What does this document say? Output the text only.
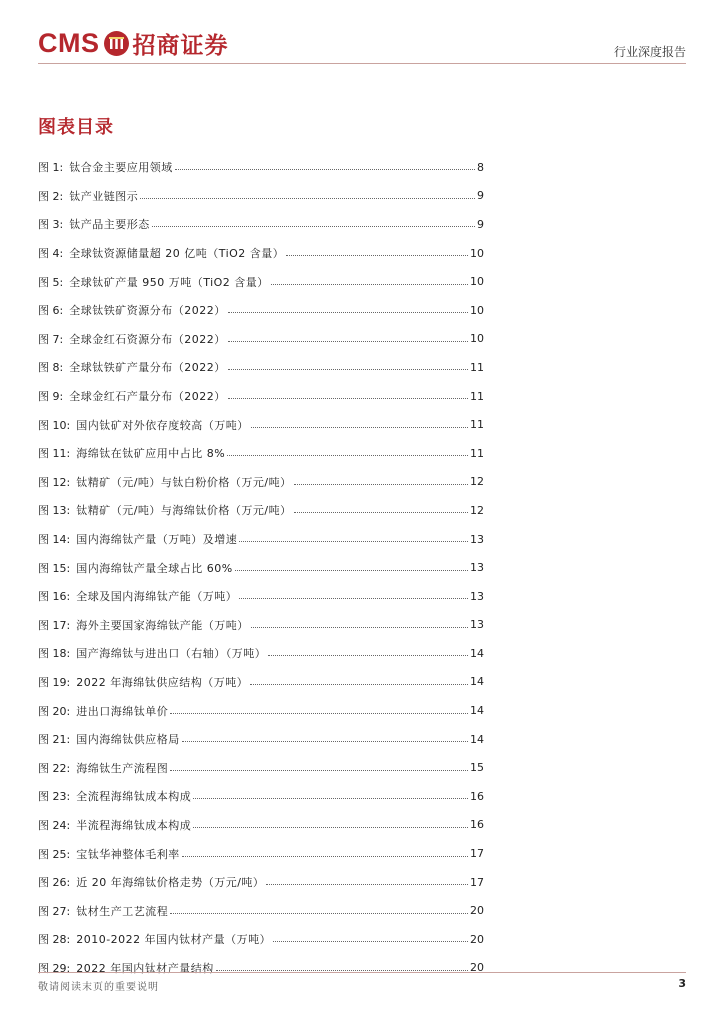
CMS 招商证券	行业深度报告
图表目录
图 1: 钛合金主要应用领域	8
图 2: 钛产业链图示	9
图 3: 钛产品主要形态	9
图 4: 全球钛资源储量超 20 亿吨（TiO2 含量）	10
图 5: 全球钛矿产量 950 万吨（TiO2 含量）	10
图 6: 全球钛铁矿资源分布（2022）	10
图 7: 全球金红石资源分布（2022）	10
图 8: 全球钛铁矿产量分布（2022）	11
图 9: 全球金红石产量分布（2022）	11
图 10: 国内钛矿对外依存度较高（万吨）	11
图 11: 海绵钛在钛矿应用中占比 8%	11
图 12: 钛精矿（元/吨）与钛白粉价格（万元/吨）	12
图 13: 钛精矿（元/吨）与海绵钛价格（万元/吨）	12
图 14: 国内海绵钛产量（万吨）及增速	13
图 15: 国内海绵钛产量全球占比 60%	13
图 16: 全球及国内海绵钛产能（万吨）	13
图 17: 海外主要国家海绵钛产能（万吨）	13
图 18: 国产海绵钛与进出口（右轴）（万吨）	14
图 19: 2022 年海绵钛供应结构（万吨）	14
图 20: 进出口海绵钛单价	14
图 21: 国内海绵钛供应格局	14
图 22: 海绵钛生产流程图	15
图 23: 全流程海绵钛成本构成	16
图 24: 半流程海绵钛成本构成	16
图 25: 宝钛华神整体毛利率	17
图 26: 近 20 年海绵钛价格走势（万元/吨）	17
图 27: 钛材生产工艺流程	20
图 28: 2010-2022 年国内钛材产量（万吨）	20
图 29: 2022 年国内钛材产量结构	20
敬请阅读末页的重要说明	3
